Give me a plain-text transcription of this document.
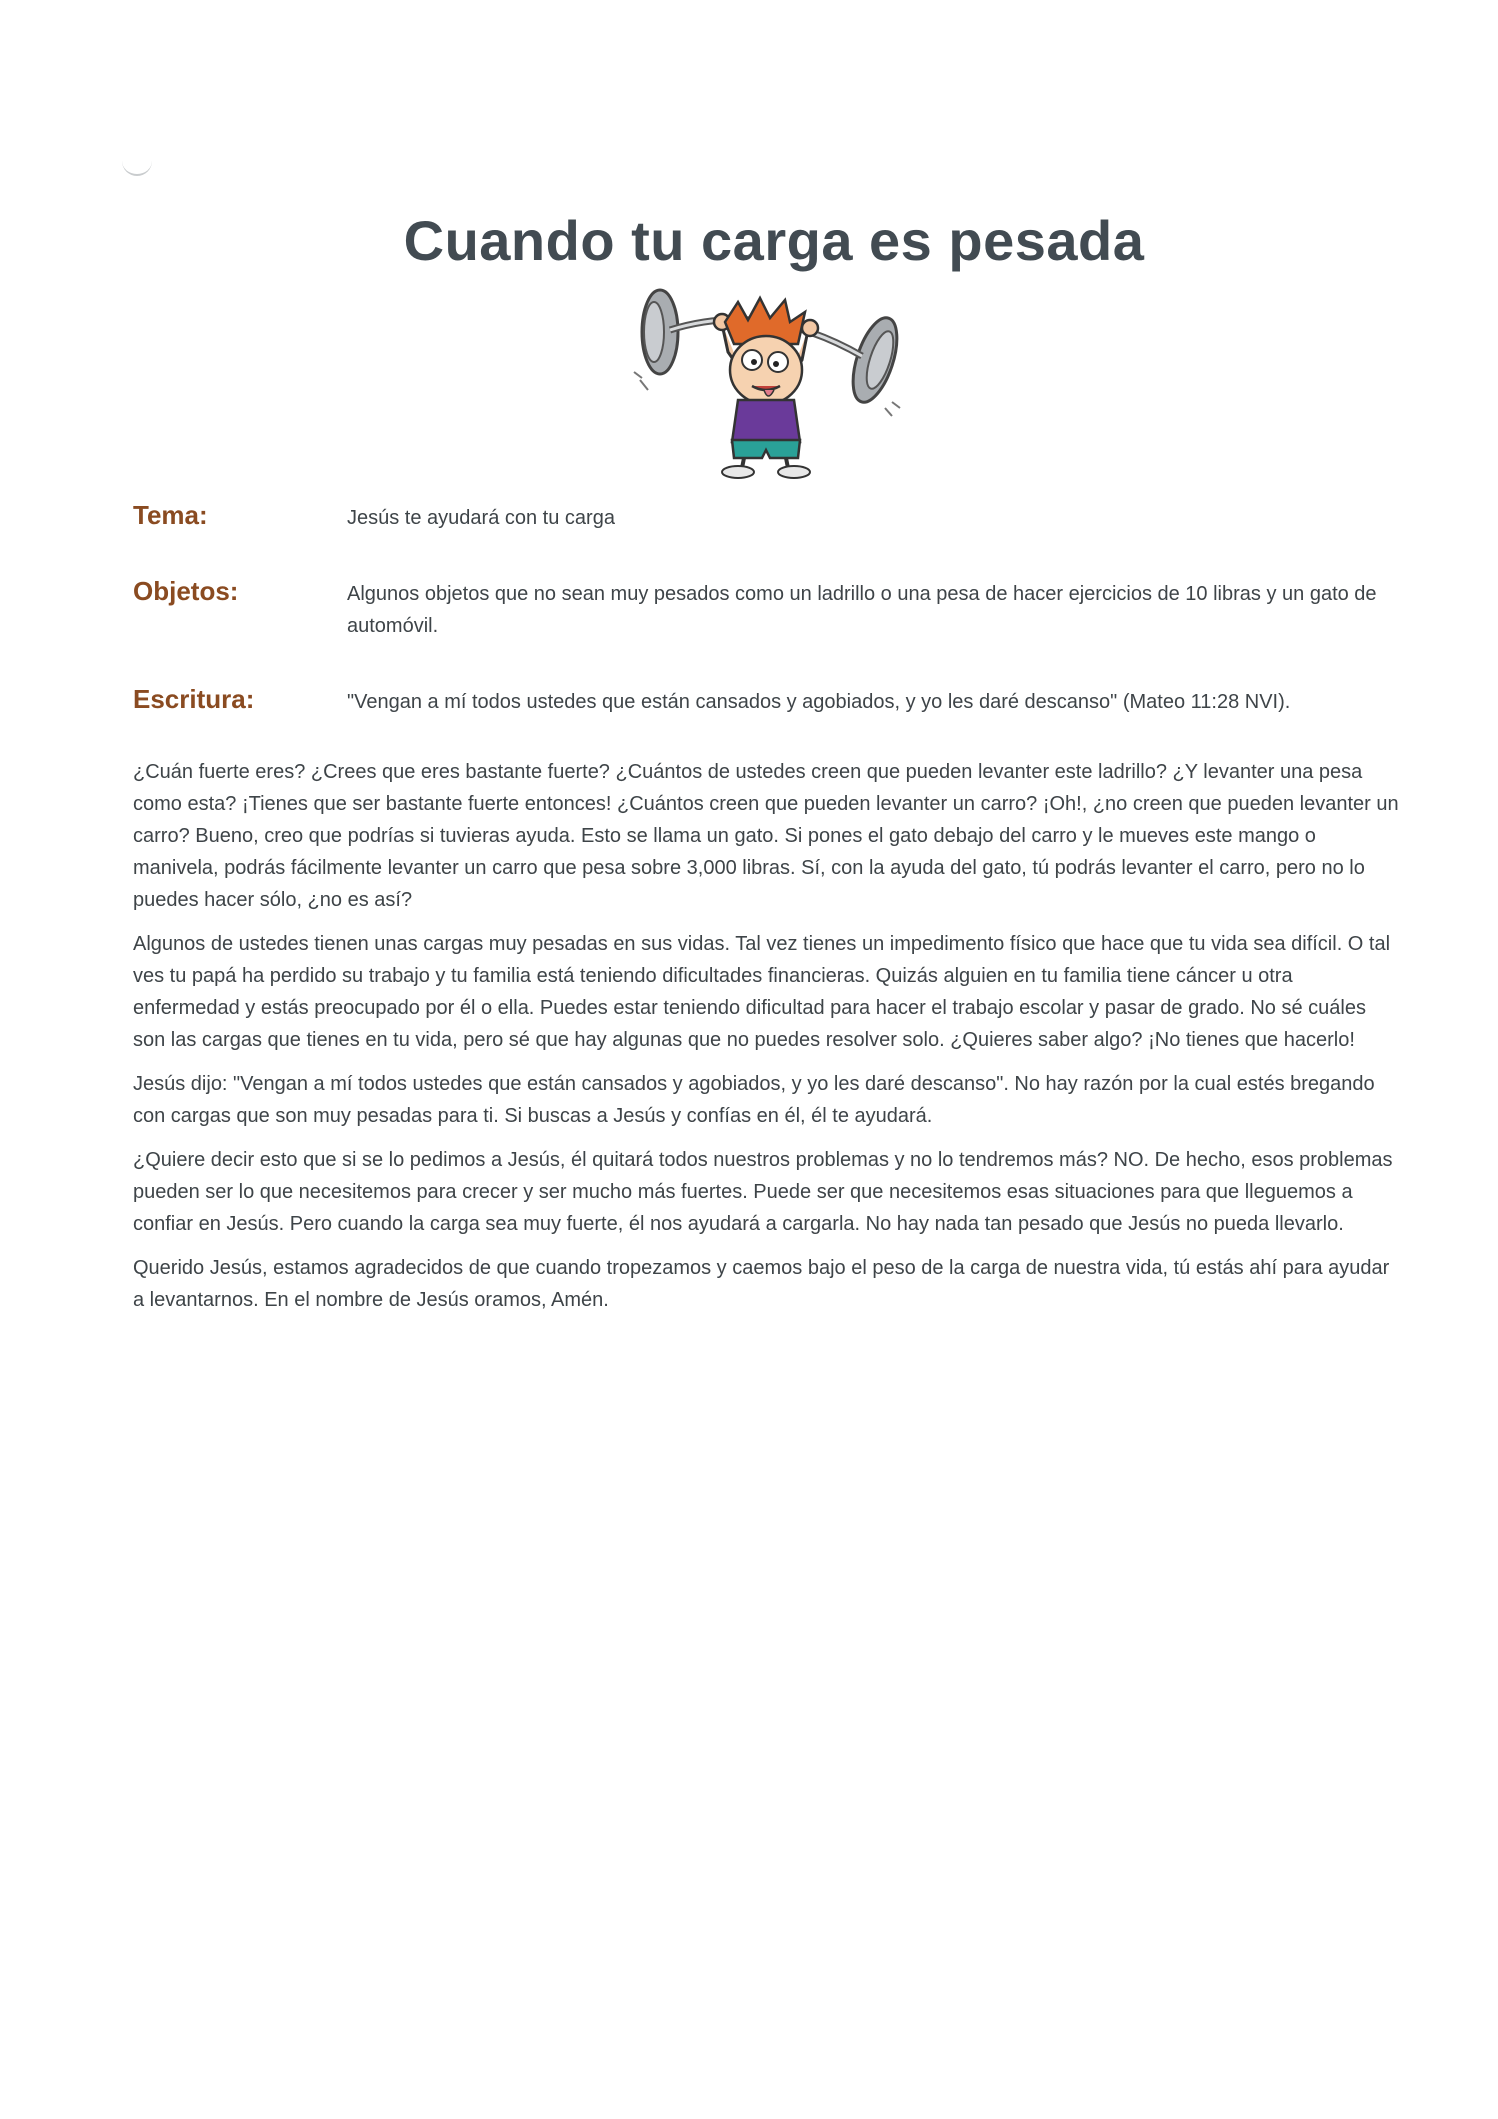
Cuando tu carga es pesada
Tema:	Jesús te ayudará con tu carga
Objetos:	Algunos objetos que no sean muy pesados como un ladrillo o una pesa de hacer ejercicios de 10 libras y un gato de automóvil.
Escritura:	"Vengan a mí todos ustedes que están cansados y agobiados, y yo les daré descanso" (Mateo 11:28 NVI).

¿Cuán fuerte eres? ¿Crees que eres bastante fuerte? ¿Cuántos de ustedes creen que pueden levanter este ladrillo? ¿Y levanter una pesa como esta? ¡Tienes que ser bastante fuerte entonces! ¿Cuántos creen que pueden levanter un carro? ¡Oh!, ¿no creen que pueden levanter un carro? Bueno, creo que podrías si tuvieras ayuda. Esto se llama un gato. Si pones el gato debajo del carro y le mueves este mango o manivela, podrás fácilmente levanter un carro que pesa sobre 3,000 libras. Sí, con la ayuda del gato, tú podrás levanter el carro, pero no lo puedes hacer sólo, ¿no es así?

Algunos de ustedes tienen unas cargas muy pesadas en sus vidas. Tal vez tienes un impedimento físico que hace que tu vida sea difícil. O tal ves tu papá ha perdido su trabajo y tu familia está teniendo dificultades financieras. Quizás alguien en tu familia tiene cáncer u otra enfermedad y estás preocupado por él o ella. Puedes estar teniendo dificultad para hacer el trabajo escolar y pasar de grado. No sé cuáles son las cargas que tienes en tu vida, pero sé que hay algunas que no puedes resolver solo. ¿Quieres saber algo? ¡No tienes que hacerlo!

Jesús dijo: "Vengan a mí todos ustedes que están cansados y agobiados, y yo les daré descanso". No hay razón por la cual estés bregando con cargas que son muy pesadas para ti. Si buscas a Jesús y confías en él, él te ayudará.

¿Quiere decir esto que si se lo pedimos a Jesús, él quitará todos nuestros problemas y no lo tendremos más? NO. De hecho, esos problemas pueden ser lo que necesitemos para crecer y ser mucho más fuertes. Puede ser que necesitemos esas situaciones para que lleguemos a confiar en Jesús. Pero cuando la carga sea muy fuerte, él nos ayudará a cargarla. No hay nada tan pesado que Jesús no pueda llevarlo.

Querido Jesús, estamos agradecidos de que cuando tropezamos y caemos bajo el peso de la carga de nuestra vida, tú estás ahí para ayudar a levantarnos. En el nombre de Jesús oramos, Amén.
